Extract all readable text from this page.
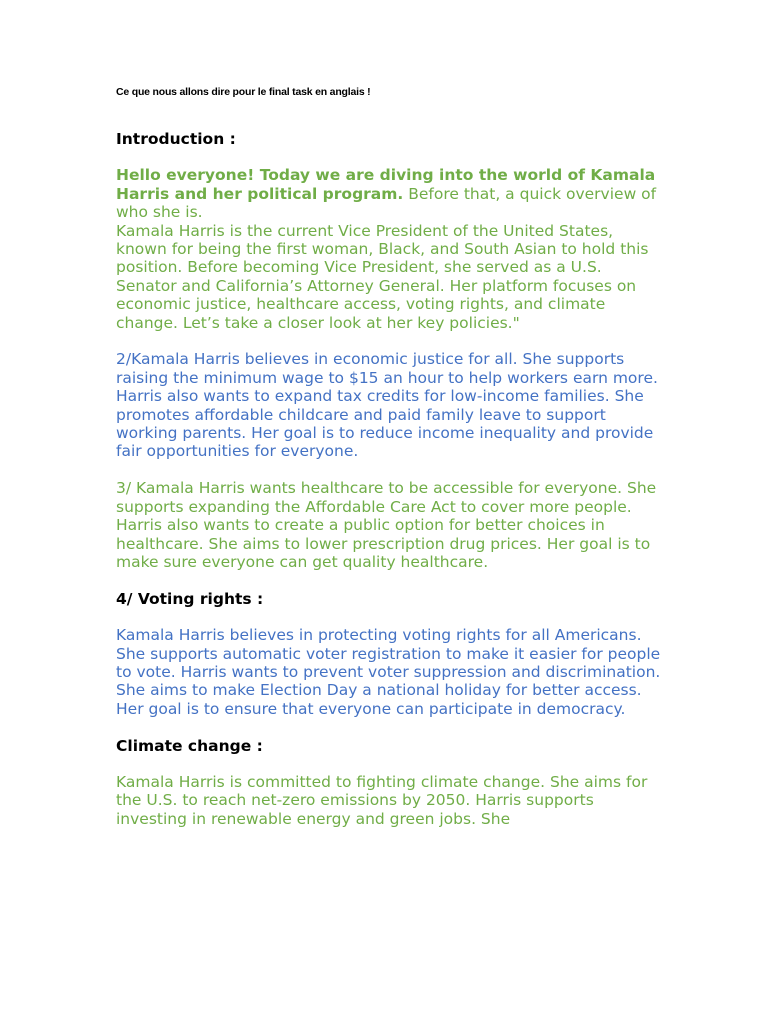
Ce que nous allons dire pour le final task en anglais !
Introduction :
Hello everyone! Today we are diving into the world of Kamala Harris and her political program. Before that, a quick overview of who she is.
Kamala Harris is the current Vice President of the United States, known for being the first woman, Black, and South Asian to hold this position. Before becoming Vice President, she served as a U.S. Senator and California’s Attorney General. Her platform focuses on economic justice, healthcare access, voting rights, and climate change. Let’s take a closer look at her key policies."
2/Kamala Harris believes in economic justice for all. She supports raising the minimum wage to $15 an hour to help workers earn more. Harris also wants to expand tax credits for low-income families. She promotes affordable childcare and paid family leave to support working parents. Her goal is to reduce income inequality and provide fair opportunities for everyone.
3/ Kamala Harris wants healthcare to be accessible for everyone. She supports expanding the Affordable Care Act to cover more people. Harris also wants to create a public option for better choices in healthcare. She aims to lower prescription drug prices. Her goal is to make sure everyone can get quality healthcare.
4/ Voting rights :
Kamala Harris believes in protecting voting rights for all Americans. She supports automatic voter registration to make it easier for people to vote. Harris wants to prevent voter suppression and discrimination. She aims to make Election Day a national holiday for better access. Her goal is to ensure that everyone can participate in democracy.
Climate change :
Kamala Harris is committed to fighting climate change. She aims for the U.S. to reach net-zero emissions by 2050. Harris supports investing in renewable energy and green jobs. She
